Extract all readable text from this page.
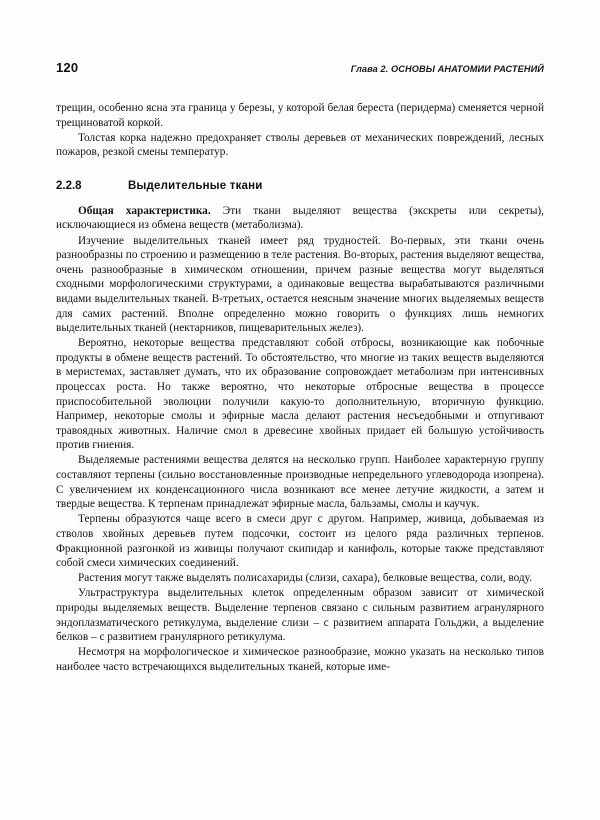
120	Глава 2. ОСНОВЫ АНАТОМИИ РАСТЕНИЙ

трещин, особенно ясна эта граница у березы, у которой белая береста (перидерма) сменяется черной трещиноватой коркой.

Толстая корка надежно предохраняет стволы деревьев от механических повреждений, лесных пожаров, резкой смены температур.

2.2.8	Выделительные ткани

Общая характеристика. Эти ткани выделяют вещества (экскреты или секреты), исключающиеся из обмена веществ (метаболизма).

Изучение выделительных тканей имеет ряд трудностей. Во-первых, эти ткани очень разнообразны по строению и размещению в теле растения. Во-вторых, растения выделяют вещества, очень разнообразные в химическом отношении, причем разные вещества могут выделяться сходными морфологическими структурами, а одинаковые вещества вырабатываются различными видами выделительных тканей. В-третьих, остается неясным значение многих выделяемых веществ для самих растений. Вполне определенно можно говорить о функциях лишь немногих выделительных тканей (нектарников, пищеварительных желез).

Вероятно, некоторые вещества представляют собой отбросы, возникающие как побочные продукты в обмене веществ растений. То обстоятельство, что многие из таких веществ выделяются в меристемах, заставляет думать, что их образование сопровождает метаболизм при интенсивных процессах роста. Но также вероятно, что некоторые отбросные вещества в процессе приспособительной эволюции получили какую-то дополнительную, вторичную функцию. Например, некоторые смолы и эфирные масла делают растения несъедобными и отпугивают травоядных животных. Наличие смол в древесине хвойных придает ей большую устойчивость против гниения.

Выделяемые растениями вещества делятся на несколько групп. Наиболее характерную группу составляют терпены (сильно восстановленные производные непредельного углеводорода изопрена). С увеличением их конденсационного числа возникают все менее летучие жидкости, а затем и твердые вещества. К терпенам принадлежат эфирные масла, бальзамы, смолы и каучук.

Терпены образуются чаще всего в смеси друг с другом. Например, живица, добываемая из стволов хвойных деревьев путем подсочки, состоит из целого ряда различных терпенов. Фракционной разгонкой из живицы получают скипидар и канифоль, которые также представляют собой смеси химических соединений.

Растения могут также выделять полисахариды (слизи, сахара), белковые вещества, соли, воду.

Ультраструктура выделительных клеток определенным образом зависит от химической природы выделяемых веществ. Выделение терпенов связано с сильным развитием агранулярного эндоплазматического ретикулума, выделение слизи – с развитием аппарата Гольджи, а выделение белков – с развитием гранулярного ретикулума.

Несмотря на морфологическое и химическое разнообразие, можно указать на несколько типов наиболее часто встречающихся выделительных тканей, которые име-
